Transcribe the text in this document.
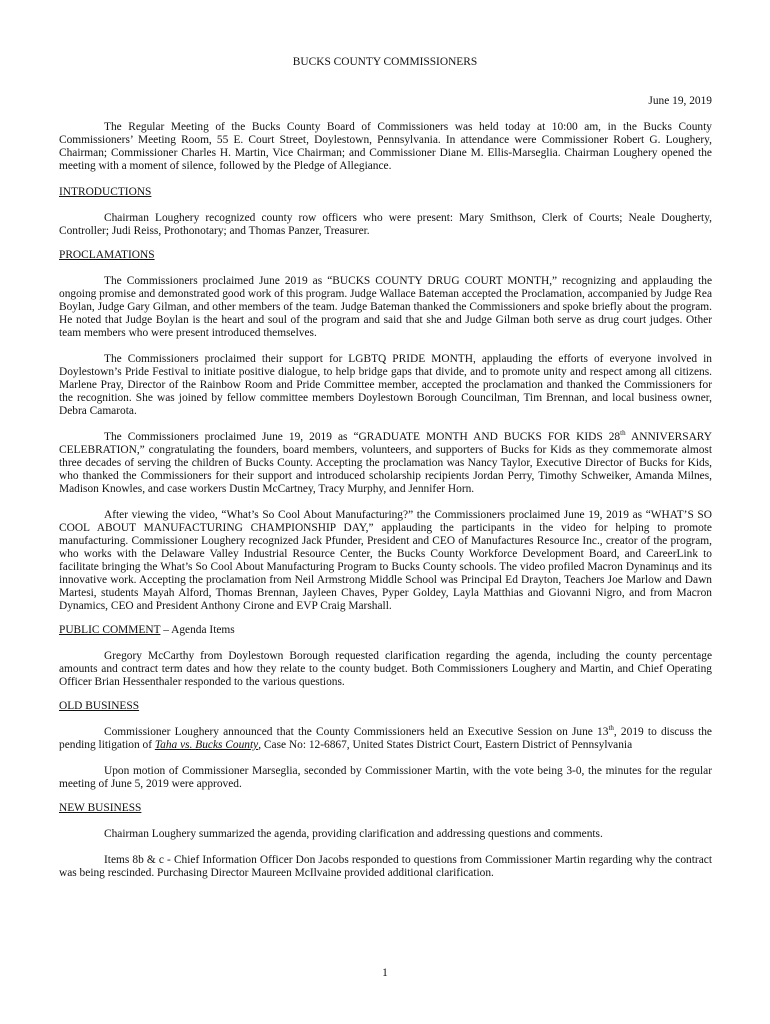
BUCKS COUNTY COMMISSIONERS
June 19, 2019

The Regular Meeting of the Bucks County Board of Commissioners was held today at 10:00 am, in the Bucks County Commissioners’ Meeting Room, 55 E. Court Street, Doylestown, Pennsylvania. In attendance were Commissioner Robert G. Loughery, Chairman; Commissioner Charles H. Martin, Vice Chairman; and Commissioner Diane M. Ellis-Marseglia. Chairman Loughery opened the meeting with a moment of silence, followed by the Pledge of Allegiance.

INTRODUCTIONS

Chairman Loughery recognized county row officers who were present: Mary Smithson, Clerk of Courts; Neale Dougherty, Controller; Judi Reiss, Prothonotary; and Thomas Panzer, Treasurer.

PROCLAMATIONS

The Commissioners proclaimed June 2019 as “BUCKS COUNTY DRUG COURT MONTH,” recognizing and applauding the ongoing promise and demonstrated good work of this program. Judge Wallace Bateman accepted the Proclamation, accompanied by Judge Rea Boylan, Judge Gary Gilman, and other members of the team. Judge Bateman thanked the Commissioners and spoke briefly about the program. He noted that Judge Boylan is the heart and soul of the program and said that she and Judge Gilman both serve as drug court judges. Other team members who were present introduced themselves.

The Commissioners proclaimed their support for LGBTQ PRIDE MONTH, applauding the efforts of everyone involved in Doylestown’s Pride Festival to initiate positive dialogue, to help bridge gaps that divide, and to promote unity and respect among all citizens. Marlene Pray, Director of the Rainbow Room and Pride Committee member, accepted the proclamation and thanked the Commissioners for the recognition. She was joined by fellow committee members Doylestown Borough Councilman, Tim Brennan, and local business owner, Debra Camarota.

The Commissioners proclaimed June 19, 2019 as “GRADUATE MONTH AND BUCKS FOR KIDS 28th ANNIVERSARY CELEBRATION,” congratulating the founders, board members, volunteers, and supporters of Bucks for Kids as they commemorate almost three decades of serving the children of Bucks County. Accepting the proclamation was Nancy Taylor, Executive Director of Bucks for Kids, who thanked the Commissioners for their support and introduced scholarship recipients Jordan Perry, Timothy Schweiker, Amanda Milnes, Madison Knowles, and case workers Dustin McCartney, Tracy Murphy, and Jennifer Horn.

After viewing the video, “What’s So Cool About Manufacturing?” the Commissioners proclaimed June 19, 2019 as “WHAT’S SO COOL ABOUT MANUFACTURING CHAMPIONSHIP DAY,” applauding the participants in the video for helping to promote manufacturing. Commissioner Loughery recognized Jack Pfunder, President and CEO of Manufactures Resource Inc., creator of the program, who works with the Delaware Valley Industrial Resource Center, the Bucks County Workforce Development Board, and CareerLink to facilitate bringing the What’s So Cool About Manufacturing Program to Bucks County schools. The video profiled Macron Dynaminцs and its innovative work. Accepting the proclamation from Neil Armstrong Middle School was Principal Ed Drayton, Teachers Joe Marlow and Dawn Martesi, students Mayah Alford, Thomas Brennan, Jayleen Chaves, Pyper Goldey, Layla Matthias and Giovanni Nigro, and from Macron Dynamics, CEO and President Anthony Cirone and EVP Craig Marshall.

PUBLIC COMMENT – Agenda Items

Gregory McCarthy from Doylestown Borough requested clarification regarding the agenda, including the county percentage amounts and contract term dates and how they relate to the county budget. Both Commissioners Loughery and Martin, and Chief Operating Officer Brian Hessenthaler responded to the various questions.

OLD BUSINESS

Commissioner Loughery announced that the County Commissioners held an Executive Session on June 13th, 2019 to discuss the pending litigation of Taha vs. Bucks County, Case No: 12-6867, United States District Court, Eastern District of Pennsylvania

Upon motion of Commissioner Marseglia, seconded by Commissioner Martin, with the vote being 3-0, the minutes for the regular meeting of June 5, 2019 were approved.

NEW BUSINESS

Chairman Loughery summarized the agenda, providing clarification and addressing questions and comments.

Items 8b & c - Chief Information Officer Don Jacobs responded to questions from Commissioner Martin regarding why the contract was being rescinded. Purchasing Director Maureen McIlvaine provided additional clarification.

1
